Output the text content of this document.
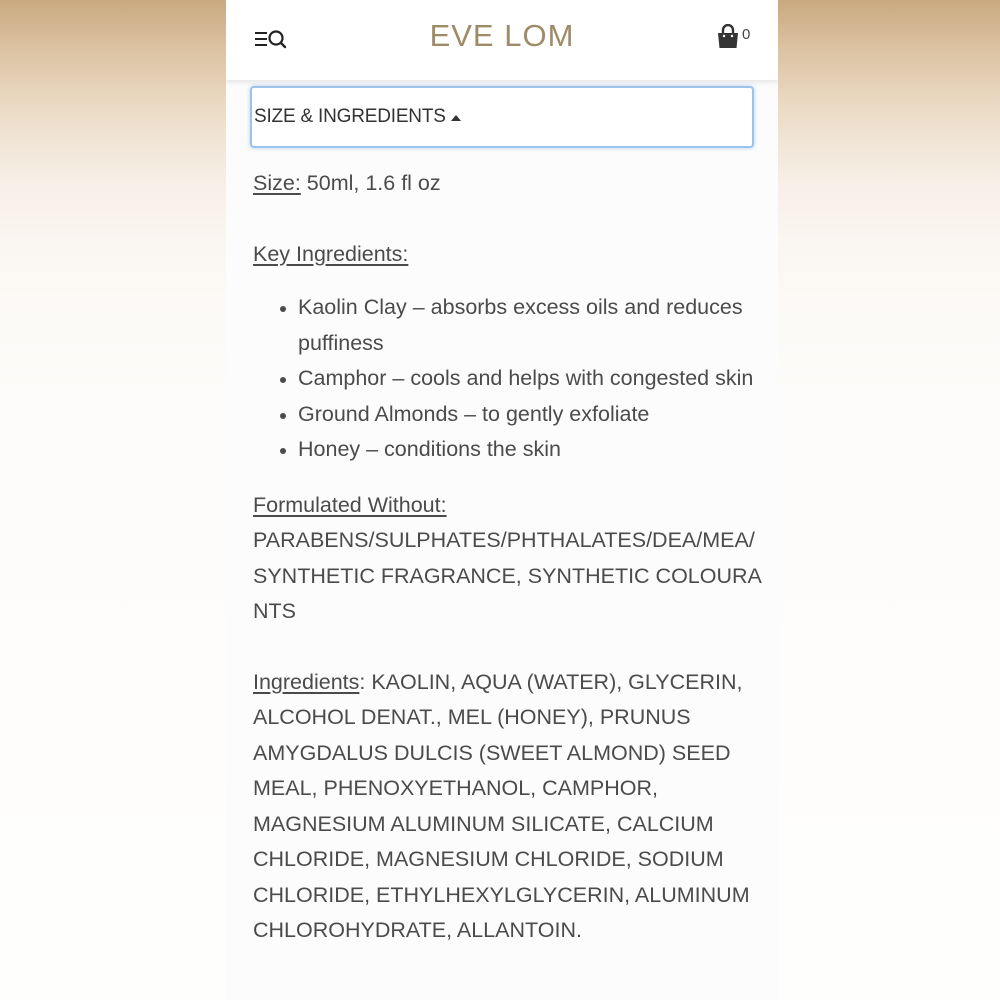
EVE LOM	0
SIZE & INGREDIENTS

Size: 50ml, 1.6 fl oz

Key Ingredients:

• Kaolin Clay – absorbs excess oils and reduces puffiness
• Camphor – cools and helps with congested skin
• Ground Almonds – to gently exfoliate
• Honey – conditions the skin

Formulated Without:

PARABENS/SULPHATES/PHTHALATES/DEA/MEA/ SYNTHETIC FRAGRANCE, SYNTHETIC COLOURANTS

Ingredients: KAOLIN, AQUA (WATER), GLYCERIN, ALCOHOL DENAT., MEL (HONEY), PRUNUS AMYGDALUS DULCIS (SWEET ALMOND) SEED MEAL, PHENOXYETHANOL, CAMPHOR, MAGNESIUM ALUMINUM SILICATE, CALCIUM CHLORIDE, MAGNESIUM CHLORIDE, SODIUM CHLORIDE, ETHYLHEXYLGLYCERIN, ALUMINUM CHLOROHYDRATE, ALLANTOIN.
